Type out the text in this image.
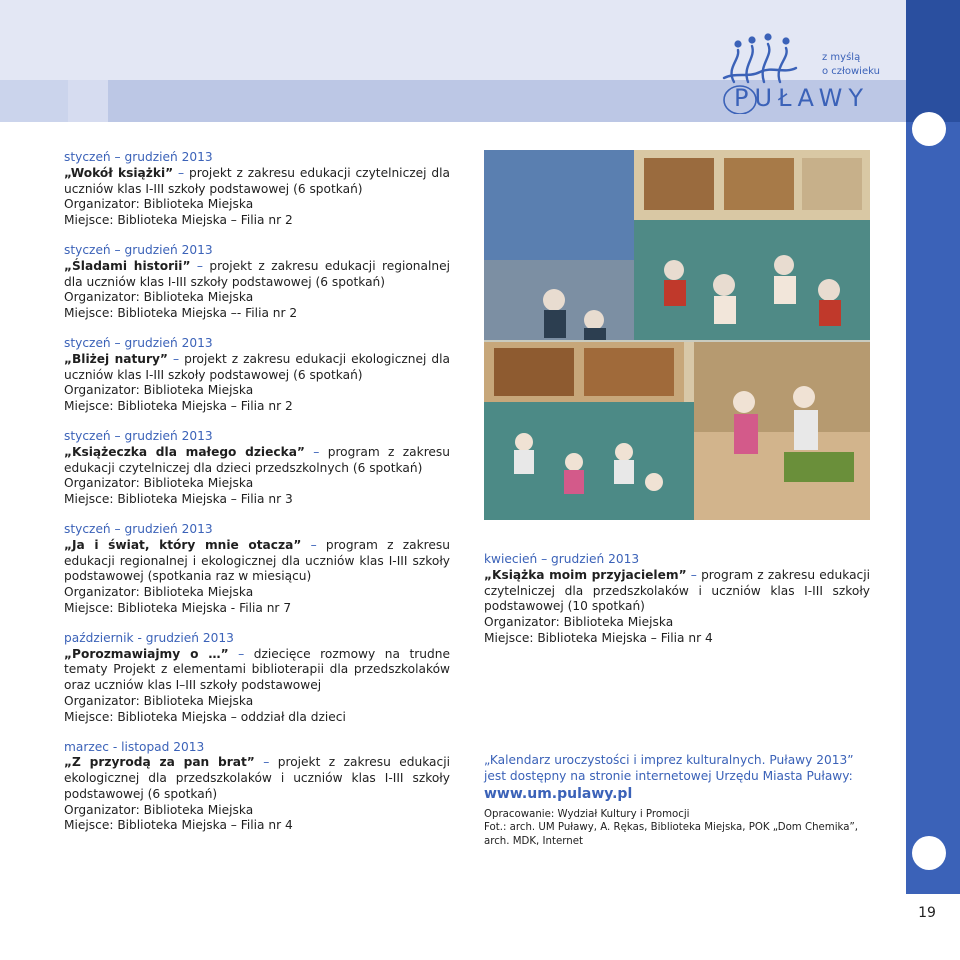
19
PUŁAWY
z myślą
o człowieku
styczeń – grudzień 2013
„Wokół książki” – projekt z zakresu edukacji czytelniczej dla uczniów klas I-III szkoły podstawowej (6 spotkań)
Organizator: Biblioteka Miejska
Miejsce: Biblioteka Miejska – Filia nr 2
styczeń – grudzień 2013
„Śladami historii” – projekt z zakresu edukacji regionalnej dla uczniów klas I-III szkoły podstawowej (6 spotkań)
Organizator: Biblioteka Miejska
Miejsce: Biblioteka Miejska –- Filia nr 2
styczeń – grudzień 2013
„Bliżej natury” – projekt z zakresu edukacji ekologicznej dla uczniów klas I-III szkoły podstawowej (6 spotkań)
Organizator: Biblioteka Miejska
Miejsce: Biblioteka Miejska – Filia nr 2
styczeń – grudzień 2013
„Książeczka dla małego dziecka” – program z zakresu edukacji czytelniczej dla dzieci przedszkolnych (6 spotkań)
Organizator: Biblioteka Miejska
Miejsce: Biblioteka Miejska – Filia nr 3
styczeń – grudzień 2013
„Ja i świat, który mnie otacza” – program z zakresu edukacji regionalnej i ekologicznej dla uczniów klas I-III szkoły podstawowej (spotkania raz w miesiącu)
Organizator: Biblioteka Miejska
Miejsce: Biblioteka Miejska - Filia nr 7
październik - grudzień 2013
„Porozmawiajmy o …” – dziecięce rozmowy na trudne tematy Projekt z elementami biblioterapii dla przedszkolaków oraz uczniów klas I–III szkoły podstawowej
Organizator: Biblioteka Miejska
Miejsce: Biblioteka Miejska – oddział dla dzieci
marzec - listopad 2013
„Z przyrodą za pan brat” – projekt z zakresu edukacji ekologicznej dla przedszkolaków i uczniów klas I-III szkoły podstawowej (6 spotkań)
Organizator: Biblioteka Miejska
Miejsce: Biblioteka Miejska – Filia nr 4
kwiecień – grudzień 2013
„Książka moim przyjacielem” – program z zakresu edukacji czytelniczej dla przedszkolaków i uczniów klas I-III szkoły podstawowej (10 spotkań)
Organizator: Biblioteka Miejska
Miejsce: Biblioteka Miejska – Filia nr 4
„Kalendarz uroczystości i imprez kulturalnych. Puławy 2013” jest dostępny na stronie internetowej Urzędu Miasta Puławy:
www.um.pulawy.pl
Opracowanie: Wydział Kultury i Promocji
Fot.: arch. UM Puławy, A. Rękas, Biblioteka Miejska, POK „Dom Chemika”, arch. MDK, Internet
